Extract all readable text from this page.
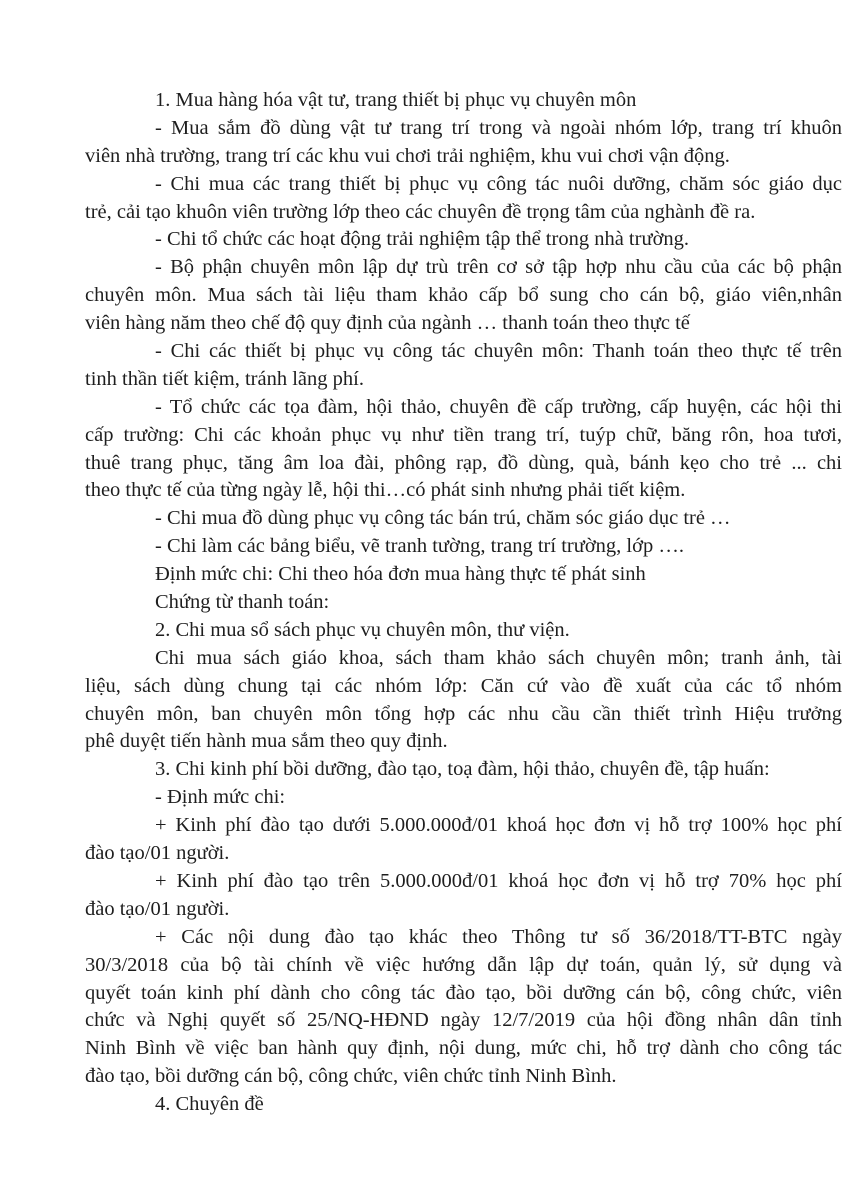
1. Mua hàng hóa vật tư, trang thiết bị phục vụ chuyên môn
- Mua sắm đồ dùng vật tư trang trí trong và ngoài nhóm lớp, trang trí khuôn
viên nhà trường, trang trí các khu vui chơi trải nghiệm, khu vui chơi vận động.
- Chi mua các trang thiết bị phục vụ công tác nuôi dưỡng, chăm sóc giáo dục
trẻ, cải tạo khuôn viên trường lớp theo các chuyên đề trọng tâm của nghành đề ra.
- Chi tổ chức các hoạt động trải nghiệm tập thể trong nhà trường.
- Bộ phận chuyên môn lập dự trù trên cơ sở tập hợp nhu cầu của các bộ phận
chuyên môn. Mua sách tài liệu tham khảo cấp bổ sung cho cán bộ, giáo viên,nhân
viên hàng năm theo chế độ quy định của ngành … thanh toán theo thực tế
- Chi các thiết bị phục vụ công tác chuyên môn: Thanh toán theo thực tế trên
tinh thần tiết kiệm, tránh lãng phí.
- Tổ chức các tọa đàm, hội thảo, chuyên đề cấp trường, cấp huyện, các hội thi
cấp trường: Chi các khoản phục vụ như tiền trang trí, tuýp chữ, băng rôn, hoa tươi,
thuê trang phục, tăng âm loa đài, phông rạp, đồ dùng, quà, bánh kẹo cho trẻ ... chi
theo thực tế của từng ngày lễ, hội thi…có phát sinh nhưng phải tiết kiệm.
- Chi mua đồ dùng phục vụ công tác bán trú, chăm sóc giáo dục trẻ …
- Chi làm các bảng biểu, vẽ tranh tường, trang trí trường, lớp ….
Định mức chi: Chi theo hóa đơn mua hàng thực tế phát sinh
Chứng từ thanh toán:
2. Chi mua sổ sách phục vụ chuyên môn, thư viện.
Chi mua sách giáo khoa, sách tham khảo sách chuyên môn; tranh ảnh, tài
liệu, sách dùng chung tại các nhóm lớp: Căn cứ vào đề xuất của các tổ nhóm
chuyên môn, ban chuyên môn tổng hợp các nhu cầu cần thiết trình Hiệu trưởng
phê duyệt tiến hành mua sắm theo quy định.
3. Chi kinh phí bồi dưỡng, đào tạo, toạ đàm, hội thảo, chuyên đề, tập huấn:
- Định mức chi:
+ Kinh phí đào tạo dưới 5.000.000đ/01 khoá học đơn vị hỗ trợ 100% học phí
đào tạo/01 người.
+ Kinh phí đào tạo trên 5.000.000đ/01 khoá học đơn vị hỗ trợ 70% học phí
đào tạo/01 người.
+ Các nội dung đào tạo khác theo Thông tư số 36/2018/TT-BTC ngày
30/3/2018 của bộ tài chính về việc hướng dẫn lập dự toán, quản lý, sử dụng và
quyết toán kinh phí dành cho công tác đào tạo, bồi dưỡng cán bộ, công chức, viên
chức và Nghị quyết số 25/NQ-HĐND ngày 12/7/2019 của hội đồng nhân dân tỉnh
Ninh Bình về việc ban hành quy định, nội dung, mức chi, hỗ trợ dành cho công tác
đào tạo, bồi dưỡng cán bộ, công chức, viên chức tỉnh Ninh Bình.
4. Chuyên đề
